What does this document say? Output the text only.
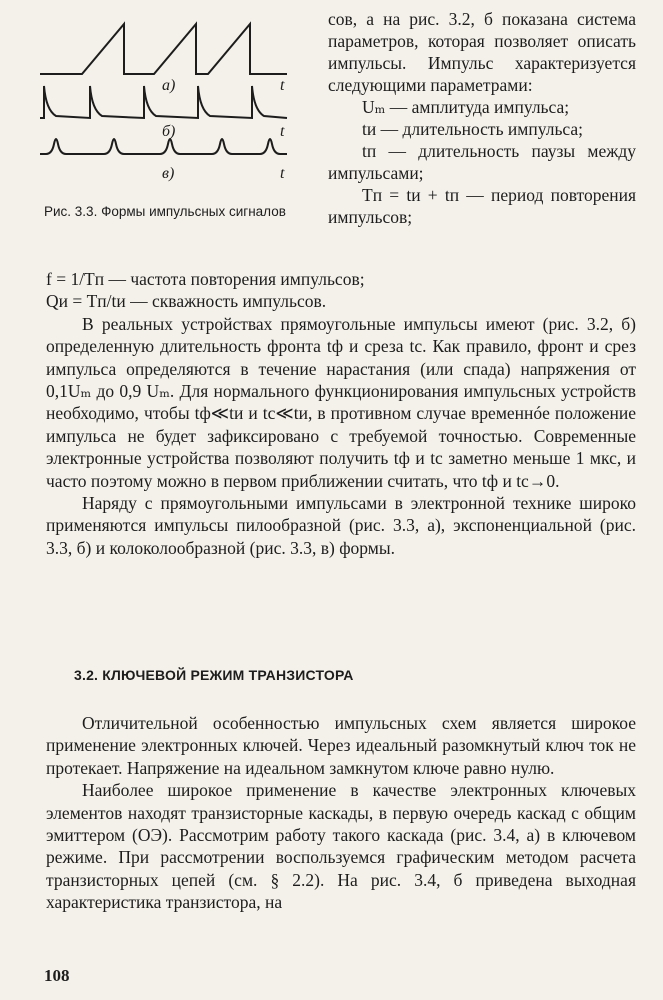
а)	t
б)	t
в)	t
Рис. 3.3. Формы импульсных сигналов

сов, а на рис. 3.2, б показана система параметров, которая позволяет описать импульсы. Импульс характеризуется следующими параметрами:

Uₘ — амплитуда импульса;

tи — длительность импульса;

tп — длительность паузы между импульсами;

Tп = tи + tп — период повторения импульсов;

f = 1/Tп — частота повторения импульсов;

Qи = Tп/tи — скважность импульсов.

В реальных устройствах прямоугольные импульсы имеют (рис. 3.2, б) определенную длительность фронта tф и среза tс. Как правило, фронт и срез импульса определяются в течение нарастания (или спада) напряжения от 0,1Uₘ до 0,9 Uₘ. Для нормального функционирования импульсных устройств необходимо, чтобы tф≪tи и tс≪tи, в противном случае временнóе положение импульса не будет зафиксировано с требуемой точностью. Современные электронные устройства позволяют получить tф и tс заметно меньше 1 мкс, и часто поэтому можно в первом приближении считать, что tф и tс→0.

Наряду с прямоугольными импульсами в электронной технике широко применяются импульсы пилообразной (рис. 3.3, а), экспоненциальной (рис. 3.3, б) и колоколообразной (рис. 3.3, в) формы.

3.2. КЛЮЧЕВОЙ РЕЖИМ ТРАНЗИСТОРА

Отличительной особенностью импульсных схем является широкое применение электронных ключей. Через идеальный разомкнутый ключ ток не протекает. Напряжение на идеальном замкнутом ключе равно нулю.

Наиболее широкое применение в качестве электронных ключевых элементов находят транзисторные каскады, в первую очередь каскад с общим эмиттером (ОЭ). Рассмотрим работу такого каскада (рис. 3.4, а) в ключевом режиме. При рассмотрении воспользуемся графическим методом расчета транзисторных цепей (см. § 2.2). На рис. 3.4, б приведена выходная характеристика транзистора, на

108
